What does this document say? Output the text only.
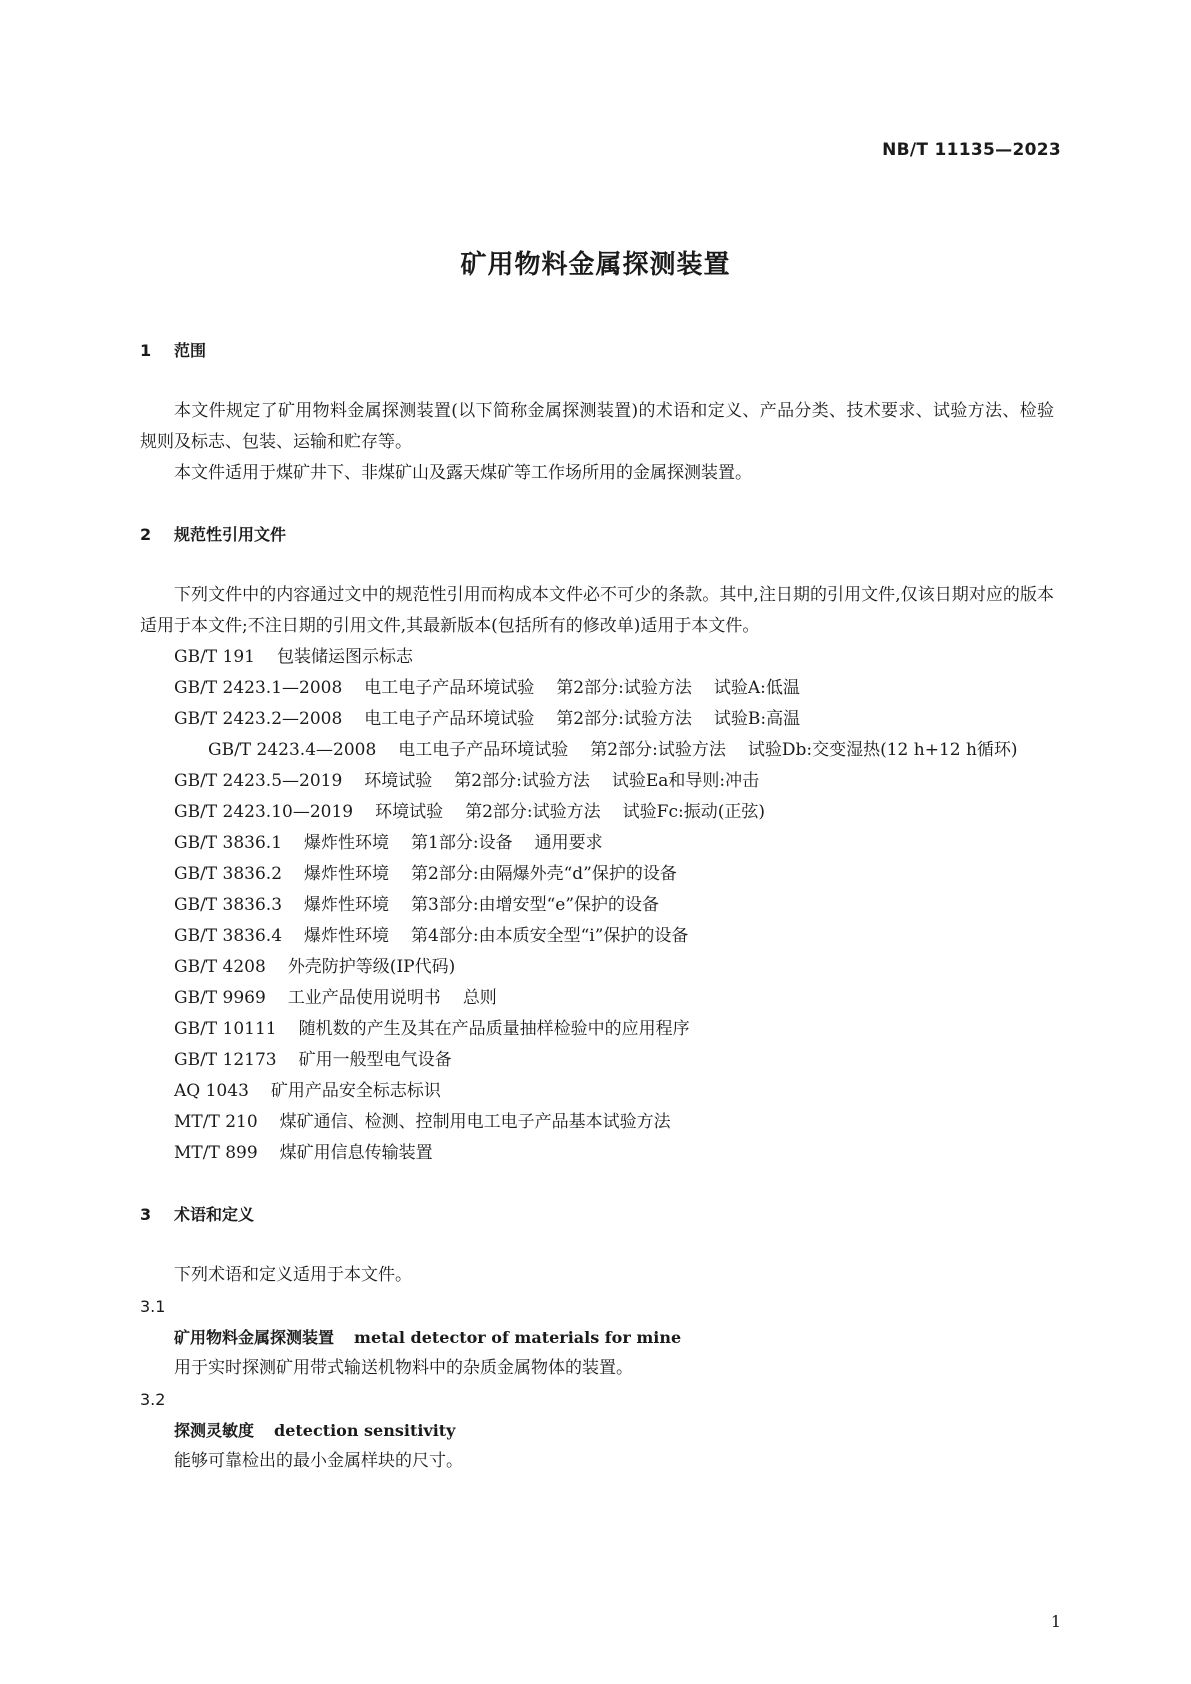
NB/T 11135—2023
矿用物料金属探测装置
1	范围

本文件规定了矿用物料金属探测装置(以下简称金属探测装置)的术语和定义、产品分类、技术要求、试验方法、检验规则及标志、包装、运输和贮存等。

本文件适用于煤矿井下、非煤矿山及露天煤矿等工作场所用的金属探测装置。

2	规范性引用文件

下列文件中的内容通过文中的规范性引用而构成本文件必不可少的条款。其中,注日期的引用文件,仅该日期对应的版本适用于本文件;不注日期的引用文件,其最新版本(包括所有的修改单)适用于本文件。

GB/T 191 包装储运图示标志
GB/T 2423.1—2008 电工电子产品环境试验 第2部分:试验方法 试验A:低温
GB/T 2423.2—2008 电工电子产品环境试验 第2部分:试验方法 试验B:高温
GB/T 2423.4—2008 电工电子产品环境试验 第2部分:试验方法 试验Db:交变湿热(12 h+12 h循环)
GB/T 2423.5—2019 环境试验 第2部分:试验方法 试验Ea和导则:冲击
GB/T 2423.10—2019 环境试验 第2部分:试验方法 试验Fc:振动(正弦)
GB/T 3836.1 爆炸性环境 第1部分:设备 通用要求
GB/T 3836.2 爆炸性环境 第2部分:由隔爆外壳“d”保护的设备
GB/T 3836.3 爆炸性环境 第3部分:由增安型“e”保护的设备
GB/T 3836.4 爆炸性环境 第4部分:由本质安全型“i”保护的设备
GB/T 4208 外壳防护等级(IP代码)
GB/T 9969 工业产品使用说明书 总则
GB/T 10111 随机数的产生及其在产品质量抽样检验中的应用程序
GB/T 12173 矿用一般型电气设备
AQ 1043 矿用产品安全标志标识
MT/T 210 煤矿通信、检测、控制用电工电子产品基本试验方法
MT/T 899 煤矿用信息传输装置
3	术语和定义

下列术语和定义适用于本文件。

3.1
矿用物料金属探测装置 metal detector of materials for mine
用于实时探测矿用带式输送机物料中的杂质金属物体的装置。
3.2
探测灵敏度 detection sensitivity
能够可靠检出的最小金属样块的尺寸。
1
